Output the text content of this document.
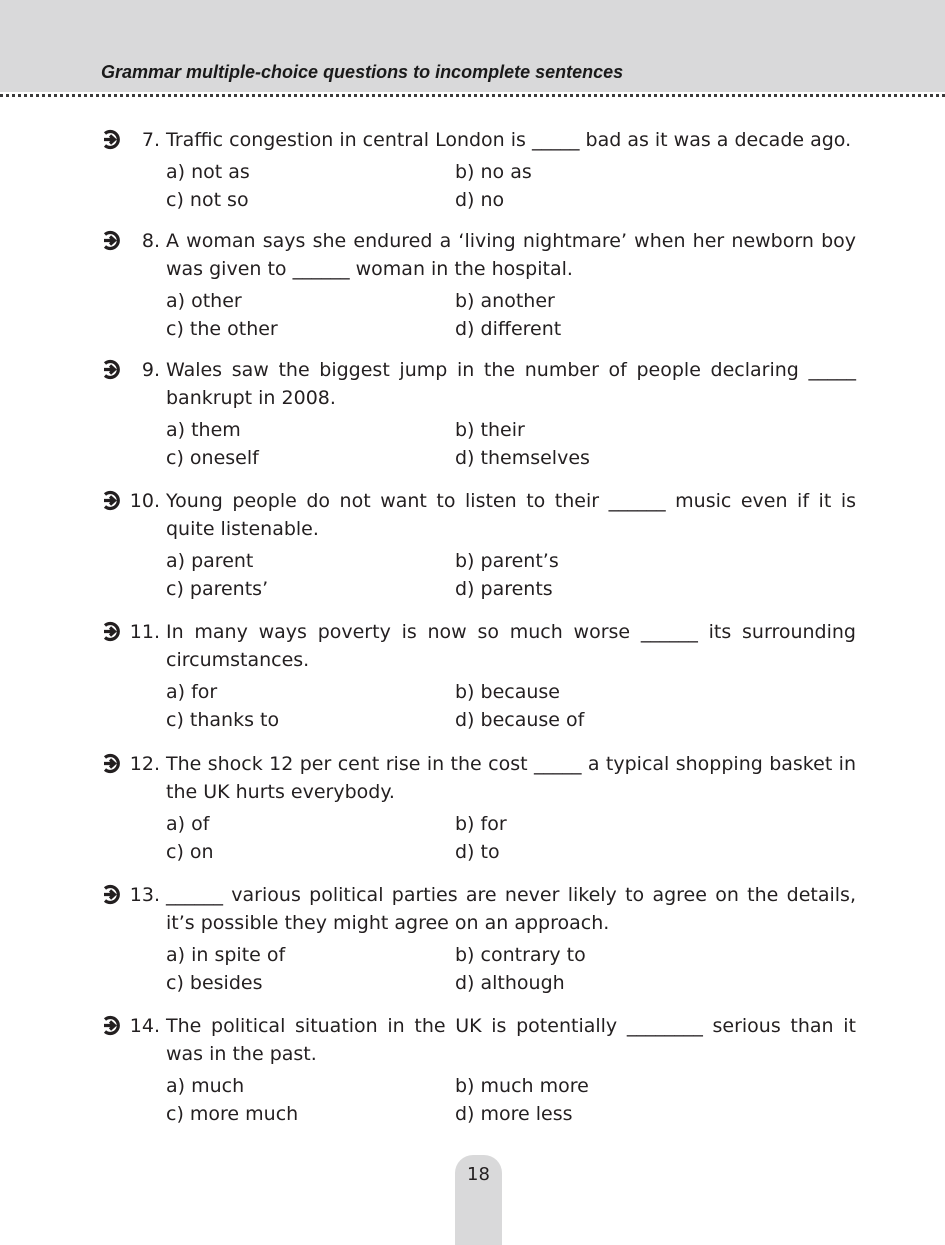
Grammar multiple-choice questions to incomplete sentences
7. Traffic congestion in central London is _____ bad as it was a decade ago.
a) not as	b) no as
c) not so	d) no
8. A woman says she endured a ‘living nightmare’ when her newborn boy was given to ______ woman in the hospital.
a) other	b) another
c) the other	d) different
9. Wales saw the biggest jump in the number of people declaring _____ bankrupt in 2008.
a) them	b) their
c) oneself	d) themselves
10. Young people do not want to listen to their ______ music even if it is quite listenable.
a) parent	b) parent’s
c) parents’	d) parents
11. In many ways poverty is now so much worse ______ its surrounding circumstances.
a) for	b) because
c) thanks to	d) because of
12. The shock 12 per cent rise in the cost _____ a typical shopping basket in the UK hurts everybody.
a) of	b) for
c) on	d) to
13. ______ various political parties are never likely to agree on the details, it’s possible they might agree on an approach.
a) in spite of	b) contrary to
c) besides	d) although
14. The political situation in the UK is potentially ________ serious than it was in the past.
a) much	b) much more
c) more much	d) more less
18
